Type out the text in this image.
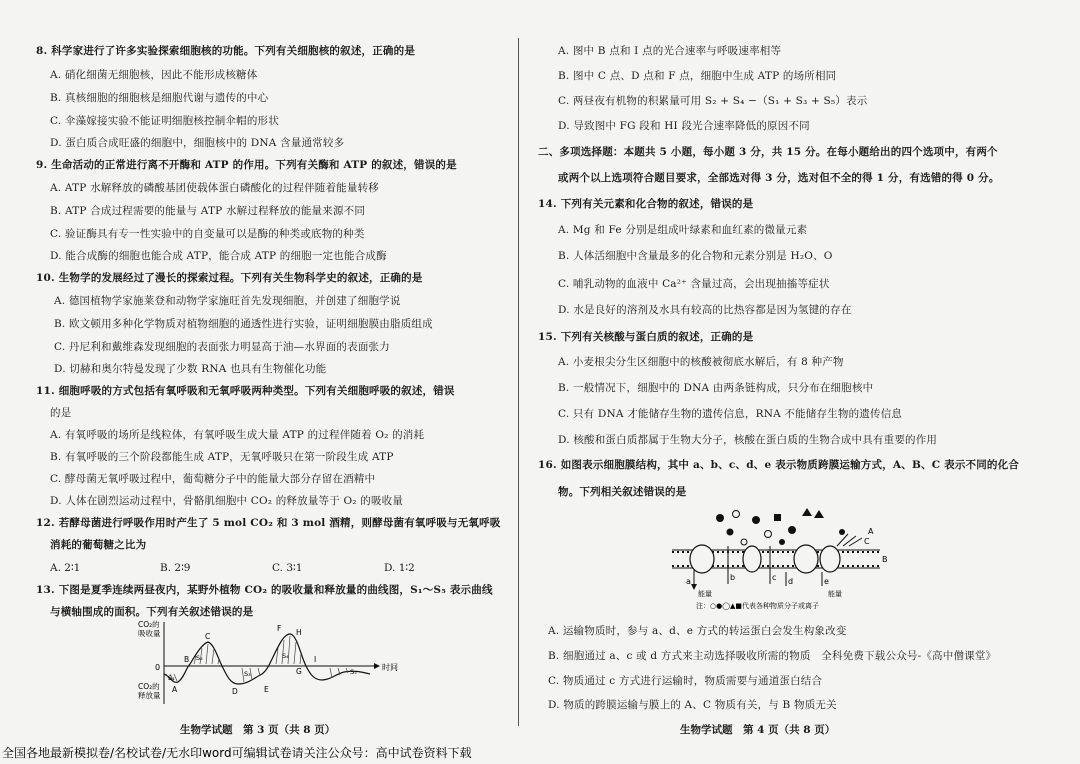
8. 科学家进行了许多实验探索细胞核的功能。下列有关细胞核的叙述，正确的是
A. 硝化细菌无细胞核，因此不能形成核糖体
B. 真核细胞的细胞核是细胞代谢与遗传的中心
C. 伞藻嫁接实验不能证明细胞核控制伞帽的形状
D. 蛋白质合成旺盛的细胞中，细胞核中的 DNA 含量通常较多
9. 生命活动的正常进行离不开酶和 ATP 的作用。下列有关酶和 ATP 的叙述，错误的是
A. ATP 水解释放的磷酸基团使载体蛋白磷酸化的过程伴随着能量转移
B. ATP 合成过程需要的能量与 ATP 水解过程释放的能量来源不同
C. 验证酶具有专一性实验中的自变量可以是酶的种类或底物的种类
D. 能合成酶的细胞也能合成 ATP，能合成 ATP 的细胞一定也能合成酶
10. 生物学的发展经过了漫长的探索过程。下列有关生物科学史的叙述，正确的是
A. 德国植物学家施莱登和动物学家施旺首先发现细胞，并创建了细胞学说
B. 欧文顿用多种化学物质对植物细胞的通透性进行实验，证明细胞膜由脂质组成
C. 丹尼利和戴维森发现细胞的表面张力明显高于油—水界面的表面张力
D. 切赫和奥尔特曼发现了少数 RNA 也具有生物催化功能
11. 细胞呼吸的方式包括有氧呼吸和无氧呼吸两种类型。下列有关细胞呼吸的叙述，错误
的是
A. 有氧呼吸的场所是线粒体，有氧呼吸生成大量 ATP 的过程伴随着 O₂ 的消耗
B. 有氧呼吸的三个阶段都能生成 ATP，无氧呼吸只在第一阶段生成 ATP
C. 酵母菌无氧呼吸过程中，葡萄糖分子中的能量大部分存留在酒精中
D. 人体在剧烈运动过程中，骨骼肌细胞中 CO₂ 的释放量等于 O₂ 的吸收量
12. 若酵母菌进行呼吸作用时产生了 5 mol CO₂ 和 3 mol 酒精，则酵母菌有氧呼吸与无氧呼吸
消耗的葡萄糖之比为
A. 2∶1	B. 2∶9	C. 3∶1	D. 1∶2
13. 下图是夏季连续两昼夜内，某野外植物 CO₂ 的吸收量和释放量的曲线图，S₁～S₅ 表示曲线
与横轴围成的面积。下列有关叙述错误的是
CO₂的
吸收量
CO₂的
释放量
0	时间
C
F H
B
D	E
I
A
G
S₁
S₂
S₃
S₄
S₅
生物学试题　第 3 页（共 8 页）
A. 图中 B 点和 I 点的光合速率与呼吸速率相等
B. 图中 C 点、D 点和 F 点，细胞中生成 ATP 的场所相同
C. 两昼夜有机物的积累量可用 S₂ + S₄ −（S₁ + S₃ + S₅）表示
D. 导致图中 FG 段和 HI 段光合速率降低的原因不同
二、多项选择题：本题共 5 小题，每小题 3 分，共 15 分。在每小题给出的四个选项中，有两个
或两个以上选项符合题目要求，全部选对得 3 分，选对但不全的得 1 分，有选错的得 0 分。
14. 下列有关元素和化合物的叙述，错误的是
A. Mg 和 Fe 分别是组成叶绿素和血红素的微量元素
B. 人体活细胞中含量最多的化合物和元素分别是 H₂O、O
C. 哺乳动物的血液中 Ca²⁺ 含量过高，会出现抽搐等症状
D. 水是良好的溶剂及水具有较高的比热容都是因为氢键的存在
15. 下列有关核酸与蛋白质的叙述，正确的是
A. 小麦根尖分生区细胞中的核酸被彻底水解后，有 8 种产物
B. 一般情况下，细胞中的 DNA 由两条链构成，只分布在细胞核中
C. 只有 DNA 才能储存生物的遗传信息，RNA 不能储存生物的遗传信息
D. 核酸和蛋白质都属于生物大分子，核酸在蛋白质的生物合成中具有重要的作用
16. 如图表示细胞膜结构，其中 a、b、c、d、e 表示物质跨膜运输方式，A、B、C 表示不同的化合
物。下列相关叙述错误的是
A
B
C
a	b	c d	e
能量	能量
注：○●◯▲■代表各种物质分子或离子
A. 运输物质时，参与 a、d、e 方式的转运蛋白会发生构象改变
B. 细胞通过 a、c 或 d 方式来主动选择吸收所需的物质　全科免费下载公众号-《高中僧课堂》
C. 物质通过 c 方式进行运输时，物质需要与通道蛋白结合
D. 物质的跨膜运输与膜上的 A、C 物质有关，与 B 物质无关
生物学试题　第 4 页（共 8 页）
全国各地最新模拟卷/名校试卷/无水印word可编辑试卷请关注公众号：高中试卷资料下载
